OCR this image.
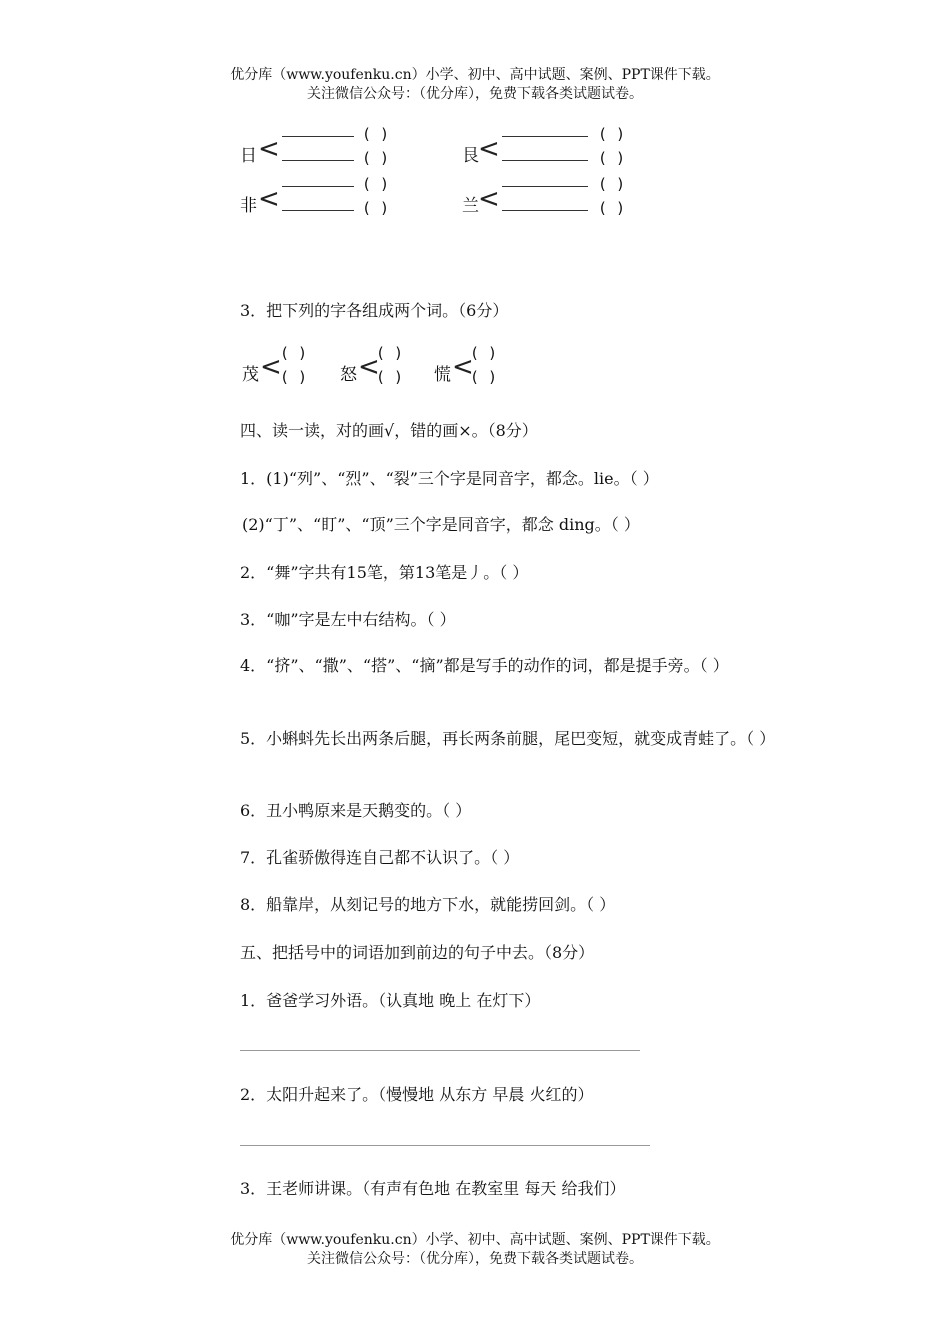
优分库（www.youfenku.cn）小学、初中、高中试题、案例、PPT课件下载。
关注微信公众号：（优分库），免费下载各类试题试卷。
日 <	( )
( )
非 <	( )
( )
艮 <	( )
( )
兰 <	( )
( )
3．把下列的字各组成两个词。（6分）
茂 <
( )
( ) 怒 <
( )
( ) 慌 <
( )
( )
四、读一读，对的画√，错的画×。（8分）
1．(1)“列”、“烈”、“裂”三个字是同音字，都念。lie。（ ）
(2)“丁”、“盯”、“顶”三个字是同音字，都念 ding。（ ）
2．“舞”字共有15笔，第13笔是丿。（ ）
3．“咖”字是左中右结构。（ ）
4．“挤”、“撒”、“搭”、“摘”都是写手的动作的词，都是提手旁。（ ）
5．小蝌蚪先长出两条后腿，再长两条前腿，尾巴变短，就变成青蛙了。（ ）
6．丑小鸭原来是天鹅变的。（ ）
7．孔雀骄傲得连自己都不认识了。（ ）
8．船靠岸，从刻记号的地方下水，就能捞回剑。（ ）
五、把括号中的词语加到前边的句子中去。（8分）
1．爸爸学习外语。（认真地 晚上 在灯下）
2．太阳升起来了。（慢慢地 从东方 早晨 火红的）
3．王老师讲课。（有声有色地 在教室里 每天 给我们）
优分库（www.youfenku.cn）小学、初中、高中试题、案例、PPT课件下载。
关注微信公众号：（优分库），免费下载各类试题试卷。
